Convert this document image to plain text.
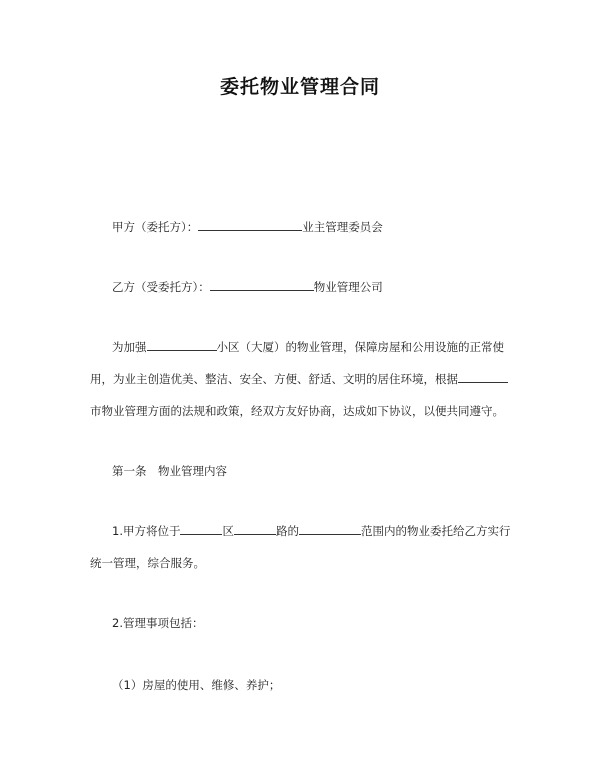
委托物业管理合同
甲方（委托方）：	业主管理委员会
乙方（受委托方）：	物业管理公司
为加强	小区（大厦）的物业管理，保障房屋和公用设施的正常使
用，为业主创造优美、整洁、安全、方便、舒适、文明的居住环境，根据
市物业管理方面的法规和政策，经双方友好协商，达成如下协议，以便共同遵守。
第一条　物业管理内容
1.甲方将位于	区	路的	范围内的物业委托给乙方实行
统一管理，综合服务。
2.管理事项包括：
（1）房屋的使用、维修、养护；
